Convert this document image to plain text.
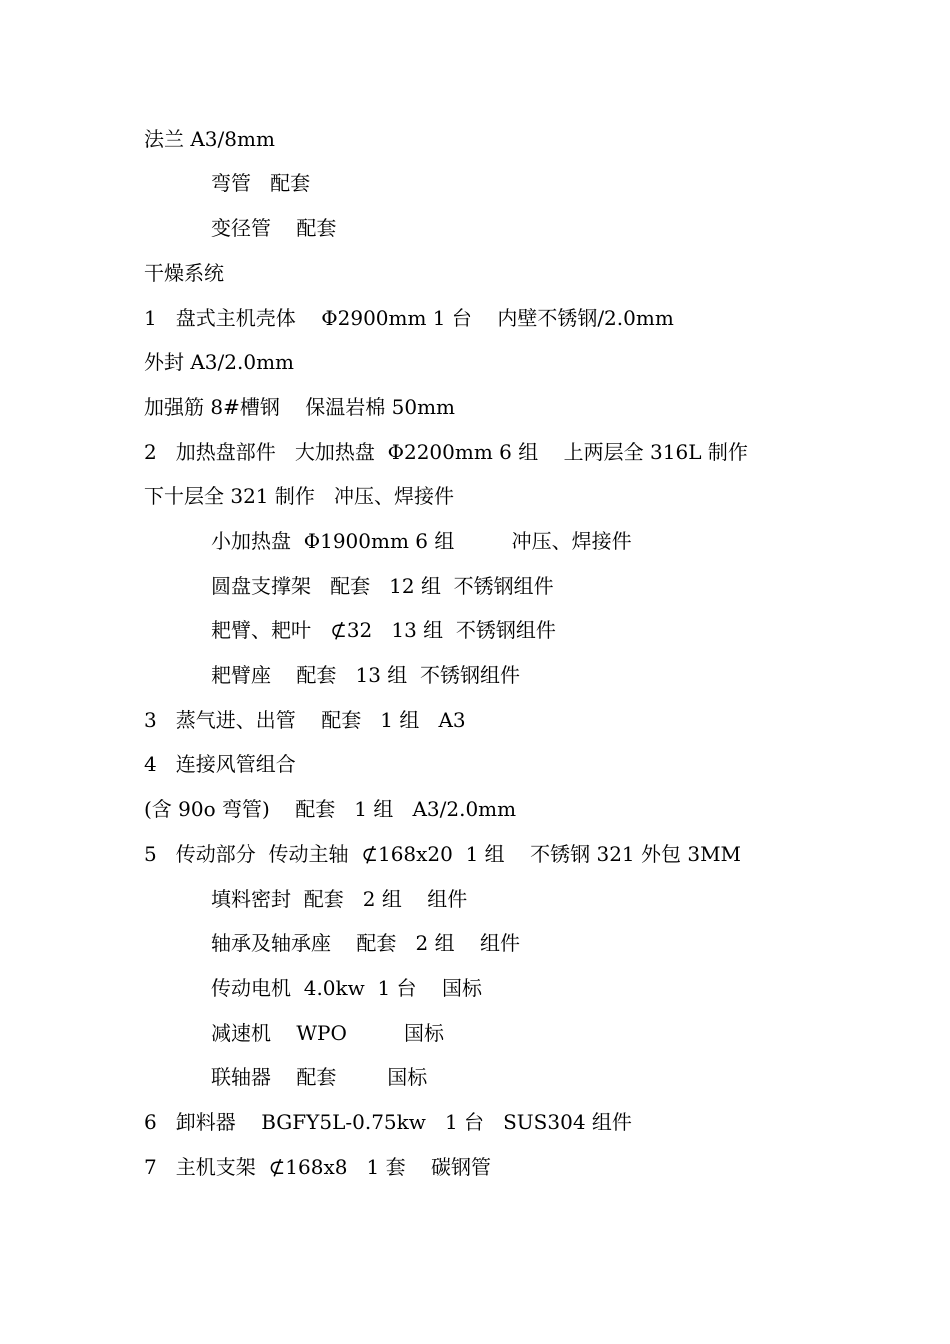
法兰 A3/8mm
弯管   配套
变径管    配套
干燥系统
1   盘式主机壳体    Φ2900mm 1 台    内壁不锈钢/2.0mm
外封 A3/2.0mm
加强筋 8#槽钢    保温岩棉 50mm
2   加热盘部件   大加热盘  Φ2200mm 6 组    上两层全 316L 制作
下十层全 321 制作   冲压、焊接件
小加热盘  Φ1900mm 6 组         冲压、焊接件
圆盘支撑架   配套   12 组  不锈钢组件
耙臂、耙叶   ⊄32   13 组  不锈钢组件
耙臂座    配套   13 组  不锈钢组件
3   蒸气进、出管    配套   1 组   A3
4   连接风管组合
(含 90o 弯管)    配套   1 组   A3/2.0mm
5   传动部分  传动主轴  ⊄168x20  1 组    不锈钢 321 外包 3MM
填料密封  配套   2 组    组件
轴承及轴承座    配套   2 组    组件
传动电机  4.0kw  1 台    国标
减速机    WPO         国标
联轴器    配套        国标
6   卸料器    BGFY5L-0.75kw   1 台   SUS304 组件
7   主机支架  ⊄168x8   1 套    碳钢管
